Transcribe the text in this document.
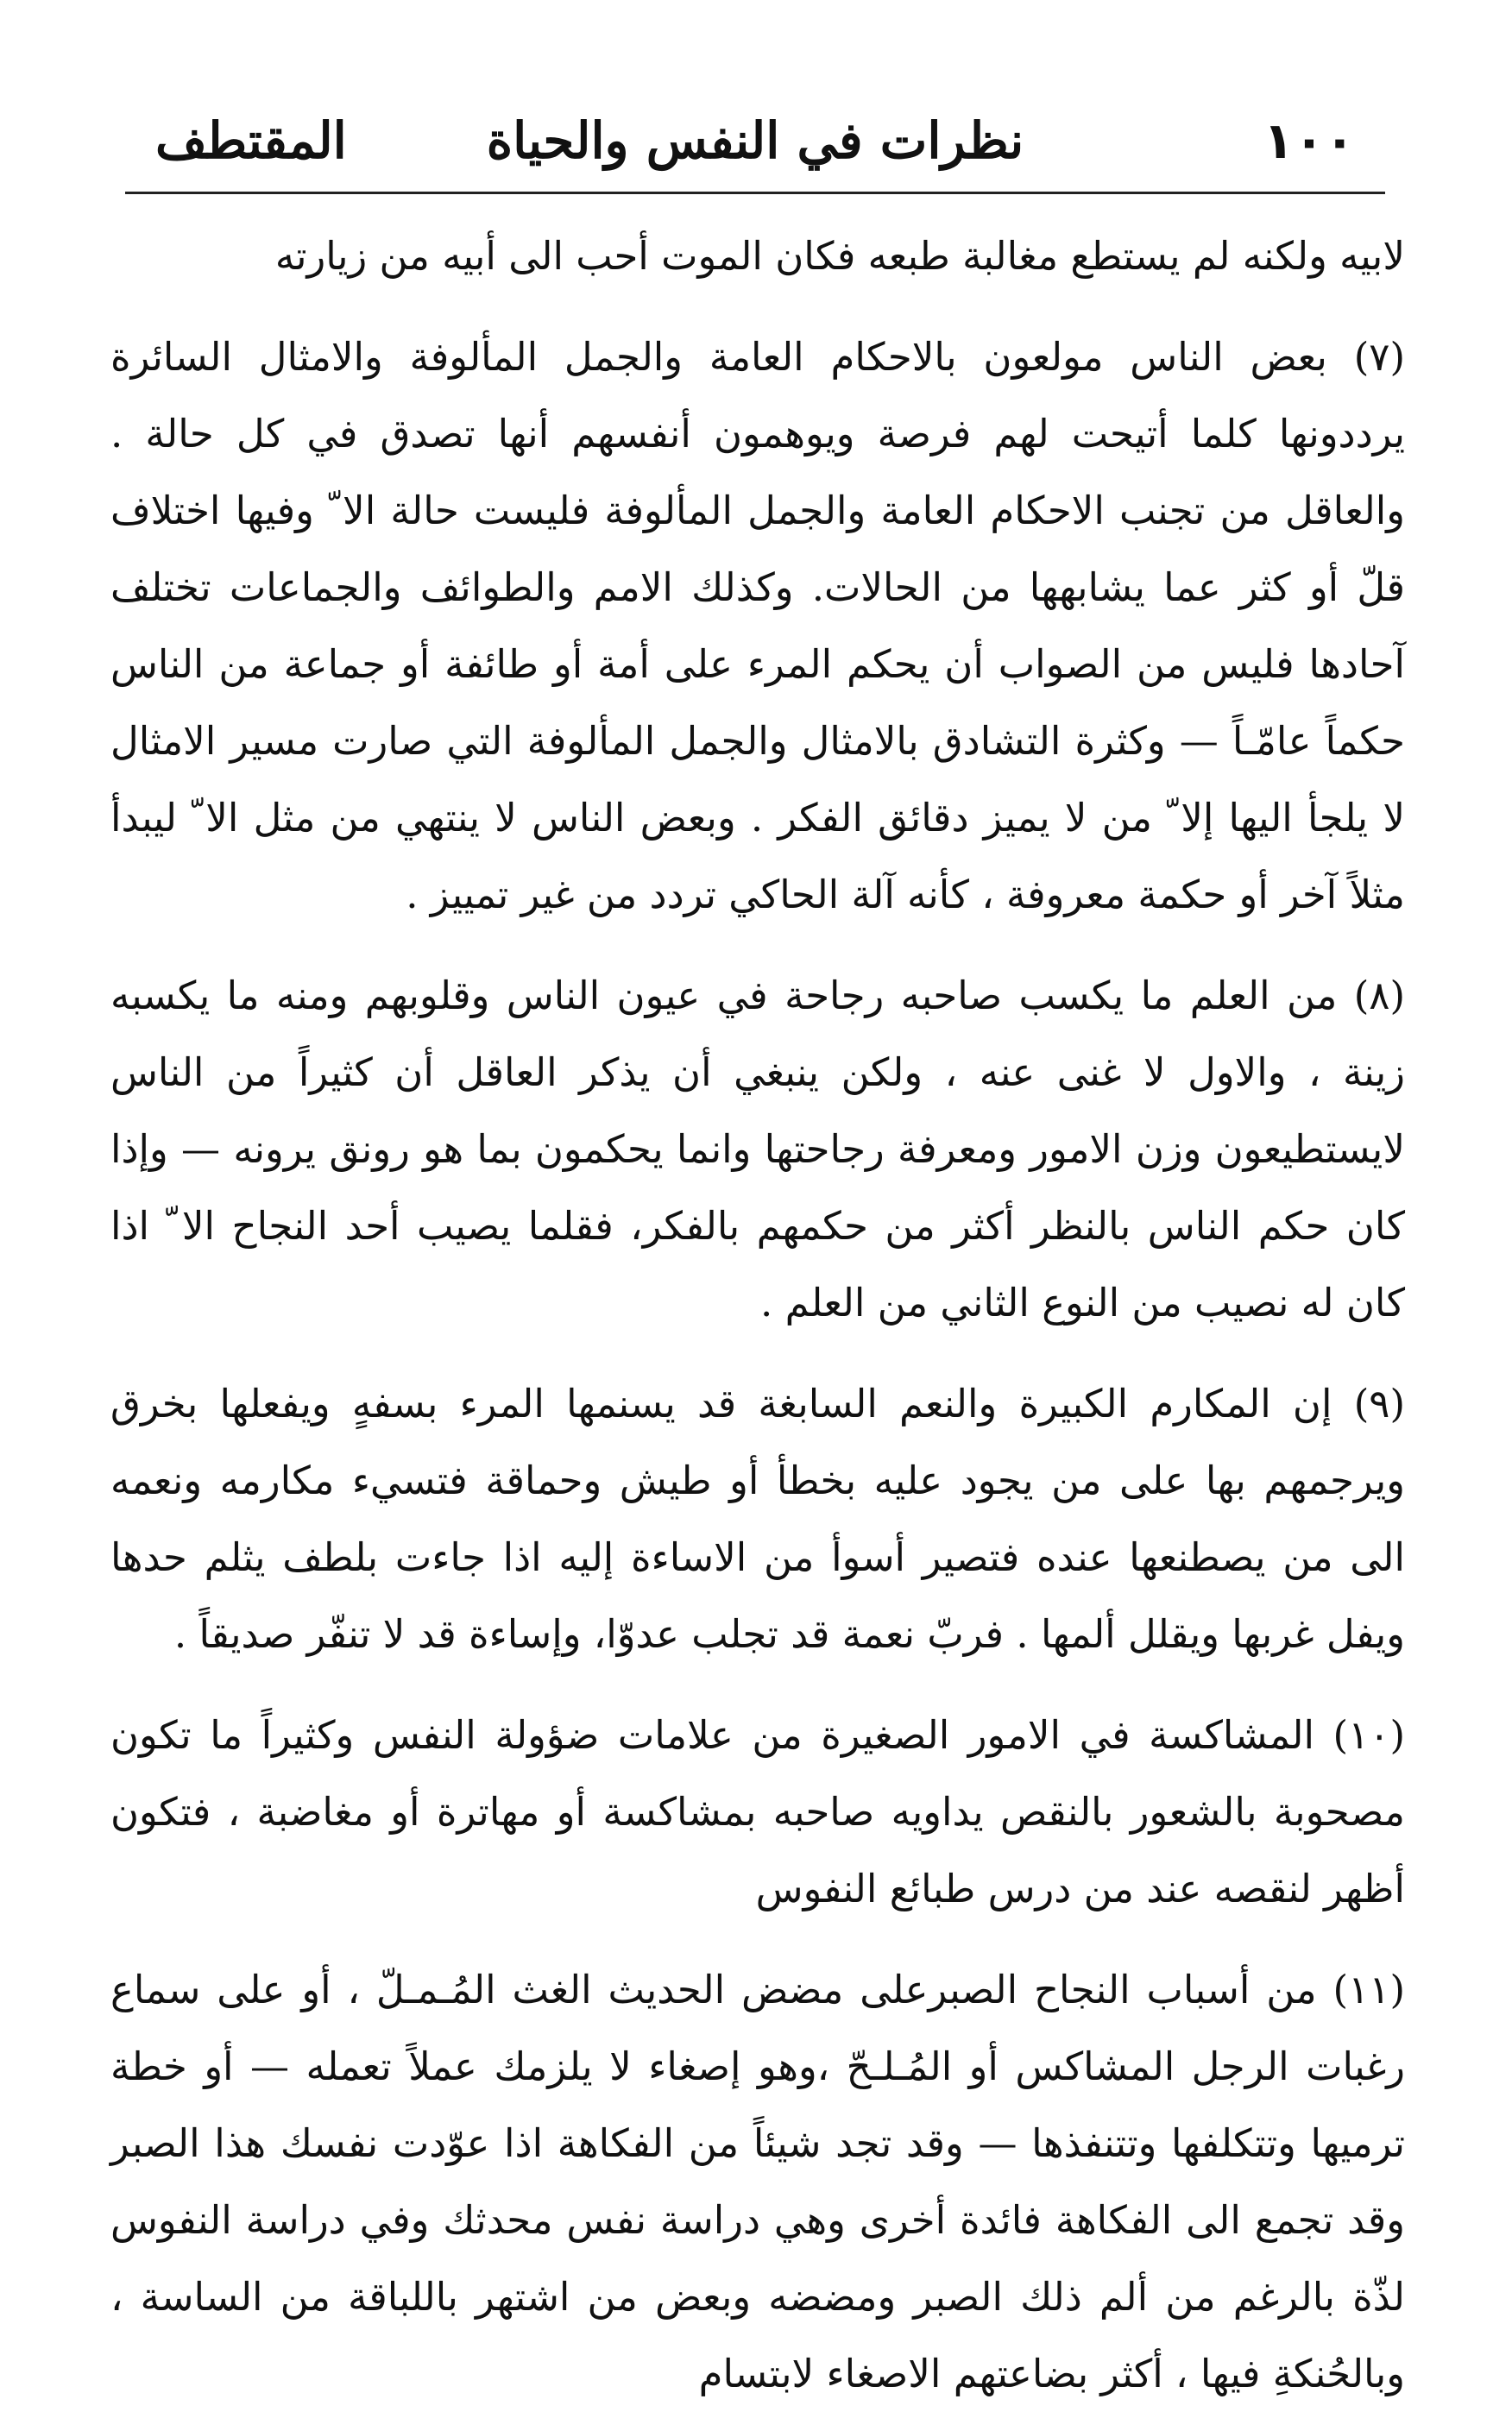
١٠٠
نظرات في النفس والحياة
المقتطف

لابيه ولكنه لم يستطع مغالبة طبعه فكان الموت أحب الى أبيه من زيارته

(٧) بعض الناس مولعون بالاحكام العامة والجمل المألوفة والامثال السائرة يرددونها كلما أتيحت لهم فرصة ويوهمون أنفسهم أنها تصدق في كل حالة . والعاقل من تجنب الاحكام العامة والجمل المألوفة فليست حالة الا ّ وفيها اختلاف قلّ أو كثر عما يشابهها من الحالات. وكذلك الامم والطوائف والجماعات تختلف آحادها فليس من الصواب أن يحكم المرء على أمة أو طائفة أو جماعة من الناس حكماً عامّـاً — وكثرة التشادق بالامثال والجمل المألوفة التي صارت مسير الامثال لا يلجأ اليها إلا ّ من لا يميز دقائق الفكر . وبعض الناس لا ينتهي من مثل الا ّ ليبدأ مثلاً آخر أو حكمة معروفة ، كأنه آلة الحاكي تردد من غير تمييز .

(٨) من العلم ما يكسب صاحبه رجاحة في عيون الناس وقلوبهم ومنه ما يكسبه زينة ، والاول لا غنى عنه ، ولكن ينبغي أن يذكر العاقل أن كثيراً من الناس لايستطيعون وزن الامور ومعرفة رجاحتها وانما يحكمون بما هو رونق يرونه — وإذا كان حكم الناس بالنظر أكثر من حكمهم بالفكر، فقلما يصيب أحد النجاح الا ّ اذا كان له نصيب من النوع الثاني من العلم .

(٩) إن المكارم الكبيرة والنعم السابغة قد يسنمها المرء بسفهٍ ويفعلها بخرق ويرجمهم بها على من يجود عليه بخطأ أو طيش وحماقة فتسيء مكارمه ونعمه الى من يصطنعها عنده فتصير أسوأ من الاساءة إليه اذا جاءت بلطف يثلم حدها ويفل غربها ويقلل ألمها . فربّ نعمة قد تجلب عدوّا، وإساءة قد لا تنفّر صديقاً .

(١٠) المشاكسة في الامور الصغيرة من علامات ضؤولة النفس وكثيراً ما تكون مصحوبة بالشعور بالنقص يداويه صاحبه بمشاكسة أو مهاترة أو مغاضبة ، فتكون أظهر لنقصه عند من درس طبائع النفوس

(١١) من أسباب النجاح الصبرعلى مضض الحديث الغث المُـمـلّ ، أو على سماع رغبات الرجل المشاكس أو المُـلـحّ ،وهو إصغاء لا يلزمك عملاً تعمله — أو خطة ترميها وتتكلفها وتتنفذها — وقد تجد شيئاً من الفكاهة اذا عوّدت نفسك هذا الصبر وقد تجمع الى الفكاهة فائدة أخرى وهي دراسة نفس محدثك وفي دراسة النفوس لذّة بالرغم من ألم ذلك الصبر ومضضه وبعض من اشتهر باللباقة من الساسة ، وبالحُنكةِ فيها ، أكثر بضاعتهم الاصغاء لابتسام
